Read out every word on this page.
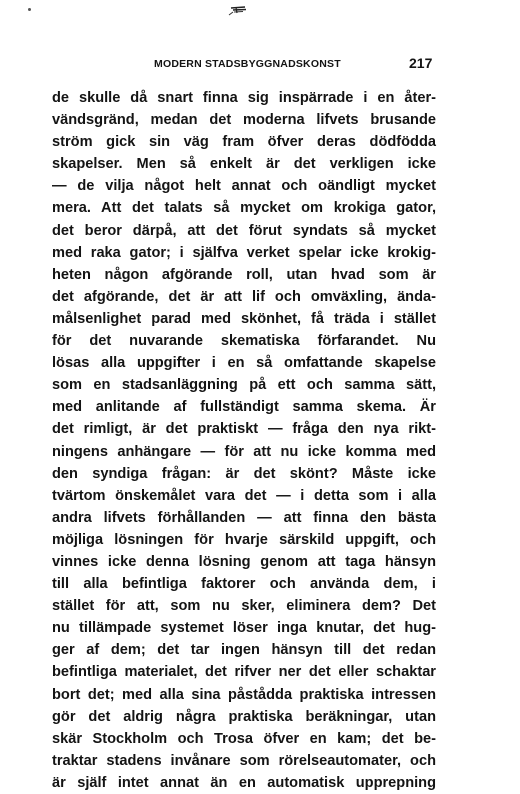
MODERN STADSBYGGNADSKONST	217
de skulle då snart finna sig inspärrade i en åter-
vändsgränd, medan det moderna lifvets brusande
ström gick sin väg fram öfver deras dödfödda
skapelser. Men så enkelt är det verkligen icke
— de vilja något helt annat och oändligt mycket
mera. Att det talats så mycket om krokiga gator,
det beror därpå, att det förut syndats så mycket
med raka gator; i själfva verket spelar icke krokig-
heten någon afgörande roll, utan hvad som är
det afgörande, det är att lif och omväxling, ända-
målsenlighet parad med skönhet, få träda i stället
för det nuvarande skematiska förfarandet. Nu
lösas alla uppgifter i en så omfattande skapelse
som en stadsanläggning på ett och samma sätt,
med anlitande af fullständigt samma skema. Är
det rimligt, är det praktiskt — fråga den nya rikt-
ningens anhängare — för att nu icke komma med
den syndiga frågan: är det skönt? Måste icke
tvärtom önskemålet vara det — i detta som i alla
andra lifvets förhållanden — att finna den bästa
möjliga lösningen för hvarje särskild uppgift, och
vinnes icke denna lösning genom att taga hänsyn
till alla befintliga faktorer och använda dem, i
stället för att, som nu sker, eliminera dem? Det
nu tillämpade systemet löser inga knutar, det hug-
ger af dem; det tar ingen hänsyn till det redan
befintliga materialet, det rifver ner det eller schaktar
bort det; med alla sina påstådda praktiska intressen
gör det aldrig några praktiska beräkningar, utan
skär Stockholm och Trosa öfver en kam; det be-
traktar stadens invånare som rörelseautomater, och
är själf intet annat än en automatisk upprepning
